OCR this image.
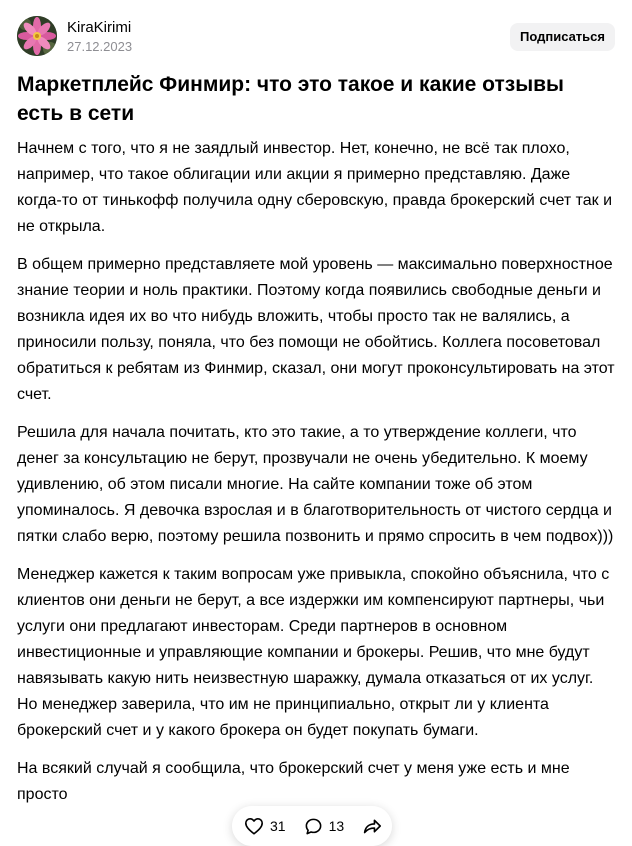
KiraKirimi
27.12.2023
Подписаться
Маркетплейс Финмир: что это такое и какие отзывы есть в сети

Начнем с того, что я не заядлый инвестор. Нет, конечно, не всё так плохо, например, что такое облигации или акции я примерно представляю. Даже когда-то от тинькофф получила одну сберовскую, правда брокерский счет так и не открыла.

В общем примерно представляете мой уровень — максимально поверхностное знание теории и ноль практики. Поэтому когда появились свободные деньги и возникла идея их во что нибудь вложить, чтобы просто так не валялись, а приносили пользу, поняла, что без помощи не обойтись. Коллега посоветовал обратиться к ребятам из Финмир, сказал, они могут проконсультировать на этот счет.

Решила для начала почитать, кто это такие, а то утверждение коллеги, что денег за консультацию не берут, прозвучали не очень убедительно. К моему удивлению, об этом писали многие. На сайте компании тоже об этом упоминалось. Я девочка взрослая и в благотворительность от чистого сердца и пятки слабо верю, поэтому решила позвонить и прямо спросить в чем подвох)))

Менеджер кажется к таким вопросам уже привыкла, спокойно объяснила, что с клиентов они деньги не берут, а все издержки им компенсируют партнеры, чьи услуги они предлагают инвесторам. Среди партнеров в основном инвестиционные и управляющие компании и брокеры. Решив, что мне будут навязывать какую нить неизвестную шаражку, думала отказаться от их услуг. Но менеджер заверила, что им не принципиально, открыт ли у клиента брокерский счет и у какого брокера он будет покупать бумаги.

На всякий случай я сообщила, что брокерский счет у меня уже есть и мне просто

31	13
